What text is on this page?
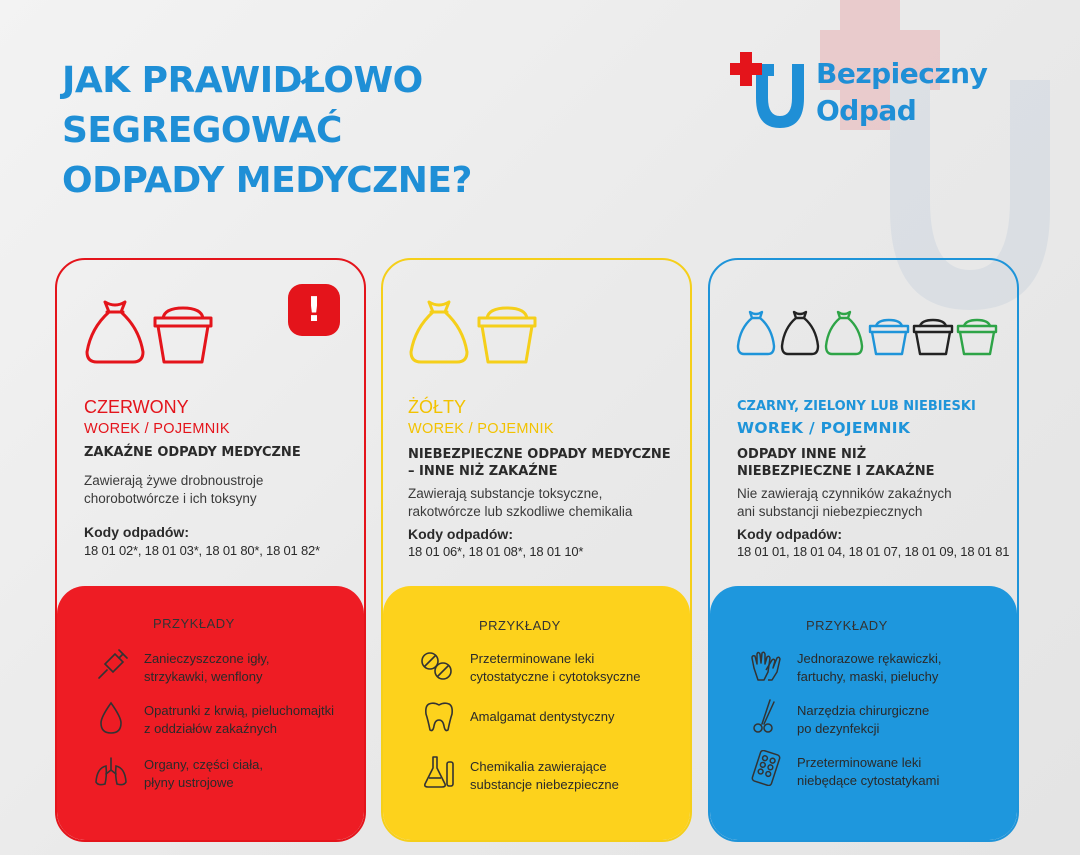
JAK PRAWIDŁOWO
SEGREGOWAĆ
ODPADY MEDYCZNE?
Bezpieczny
Odpad
!
CZERWONY
WOREK / POJEMNIK
ZAKAŹNE ODPADY MEDYCZNE
Zawierają żywe drobnoustroje
chorobotwórcze i ich toksyny
Kody odpadów:
18 01 02*, 18 01 03*, 18 01 80*, 18 01 82*
PRZYKŁADY
Zanieczyszczone igły,
strzykawki, wenflony
Opatrunki z krwią, pieluchomajtki
z oddziałów zakaźnych
Organy, części ciała,
płyny ustrojowe
ŻÓŁTY
WOREK / POJEMNIK
NIEBEZPIECZNE ODPADY MEDYCZNE
– INNE NIŻ ZAKAŹNE
Zawierają substancje toksyczne,
rakotwórcze lub szkodliwe chemikalia
Kody odpadów:
18 01 06*, 18 01 08*, 18 01 10*
PRZYKŁADY
Przeterminowane leki
cytostatyczne i cytotoksyczne
Amalgamat dentystyczny
Chemikalia zawierające
substancje niebezpieczne
CZARNY, ZIELONY LUB NIEBIESKI
WOREK / POJEMNIK
ODPADY INNE NIŻ
NIEBEZPIECZNE I ZAKAŹNE
Nie zawierają czynników zakaźnych
ani substancji niebezpiecznych
Kody odpadów:
18 01 01, 18 01 04, 18 01 07, 18 01 09, 18 01 81
PRZYKŁADY
Jednorazowe rękawiczki,
fartuchy, maski, pieluchy
Narzędzia chirurgiczne
po dezynfekcji
Przeterminowane leki
niebędące cytostatykami
